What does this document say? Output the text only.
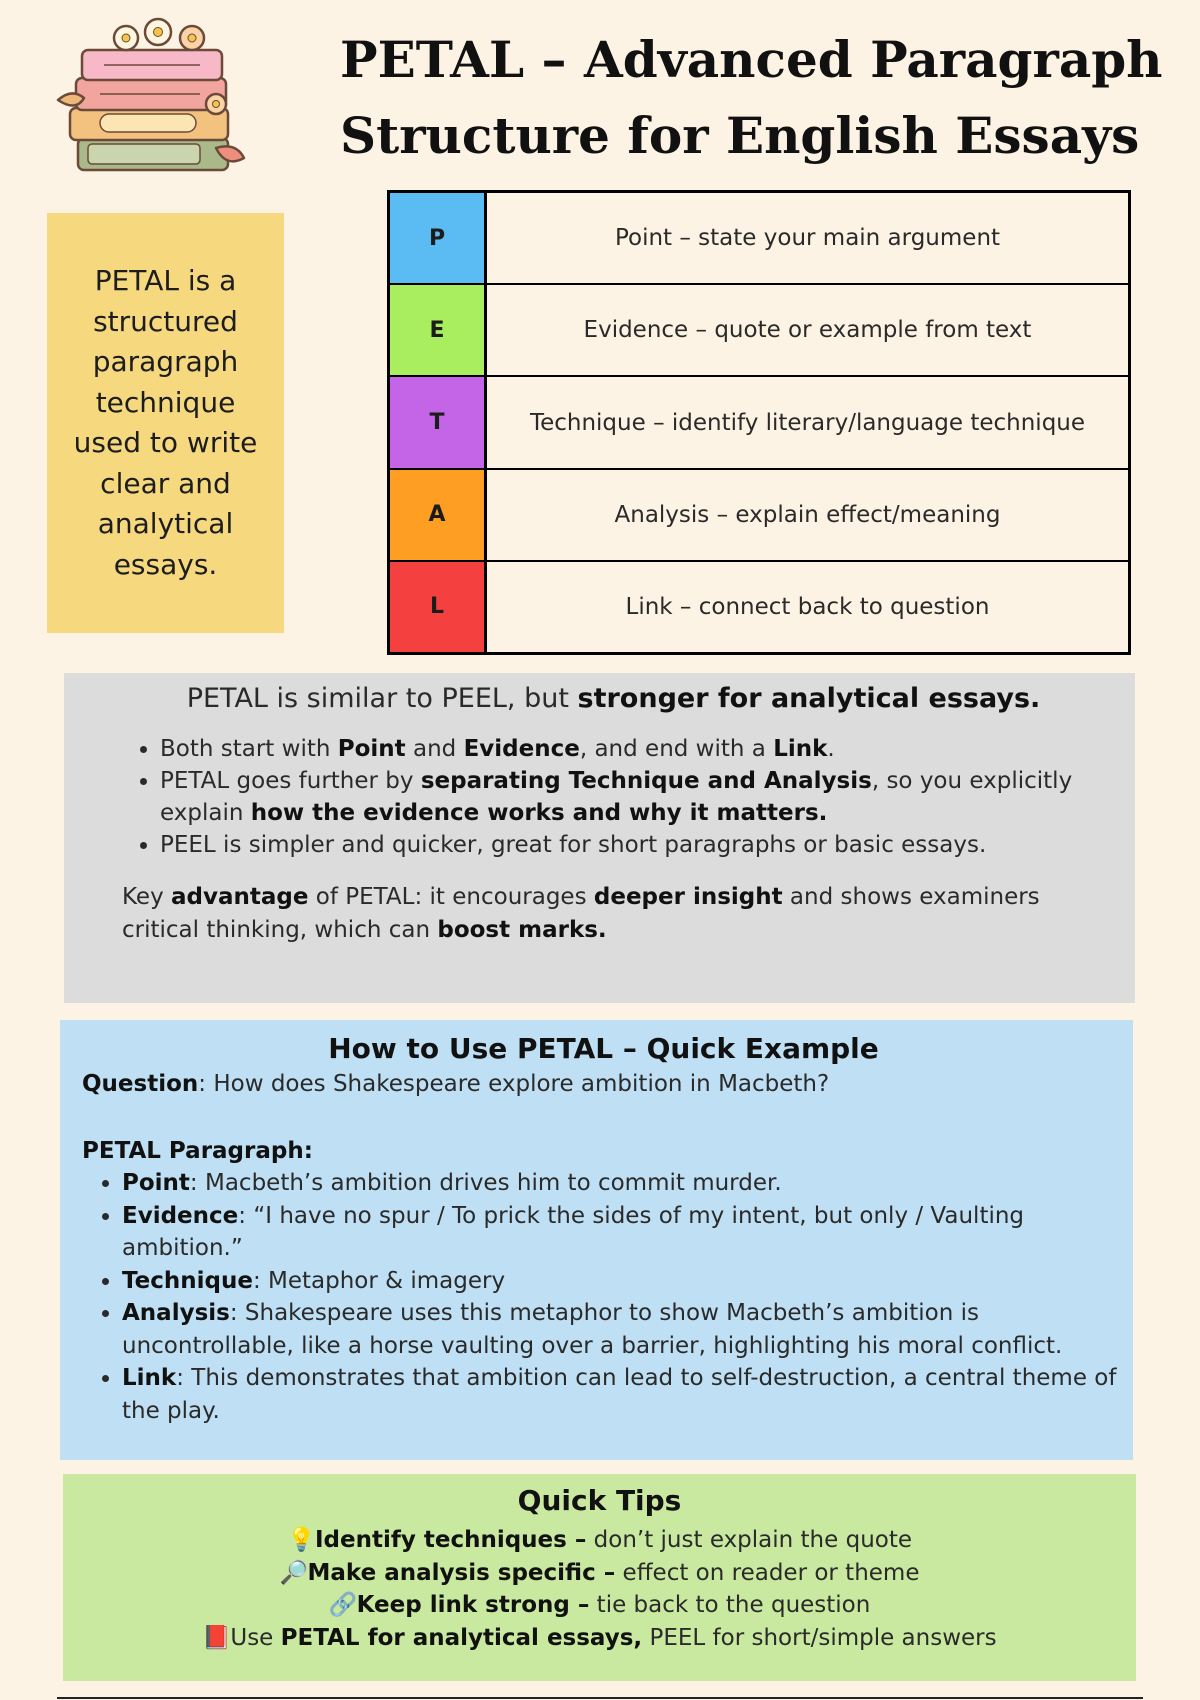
PETAL – Advanced Paragraph
Structure for English Essays
PETAL is a structured paragraph technique used to write clear and analytical essays.
P	Point – state your main argument
E	Evidence – quote or example from text
T	Technique – identify literary/language technique
A	Analysis – explain effect/meaning
L	Link – connect back to question

PETAL is similar to PEEL, but stronger for analytical essays.

• Both start with Point and Evidence, and end with a Link.
• PETAL goes further by separating Technique and Analysis, so you explicitly explain how the evidence works and why it matters.
• PEEL is simpler and quicker, great for short paragraphs or basic essays.

Key advantage of PETAL: it encourages deeper insight and shows examiners critical thinking, which can boost marks.

How to Use PETAL – Quick Example

Question: How does Shakespeare explore ambition in Macbeth?

PETAL Paragraph:

• Point: Macbeth’s ambition drives him to commit murder.
• Evidence: “I have no spur / To prick the sides of my intent, but only / Vaulting ambition.”
• Technique: Metaphor & imagery
• Analysis: Shakespeare uses this metaphor to show Macbeth’s ambition is uncontrollable, like a horse vaulting over a barrier, highlighting his moral conflict.
• Link: This demonstrates that ambition can lead to self-destruction, a central theme of the play.
Quick Tips
💡Identify techniques – don’t just explain the quote
🔎Make analysis specific – effect on reader or theme
🔗Keep link strong – tie back to the question
📕Use PETAL for analytical essays, PEEL for short/simple answers
